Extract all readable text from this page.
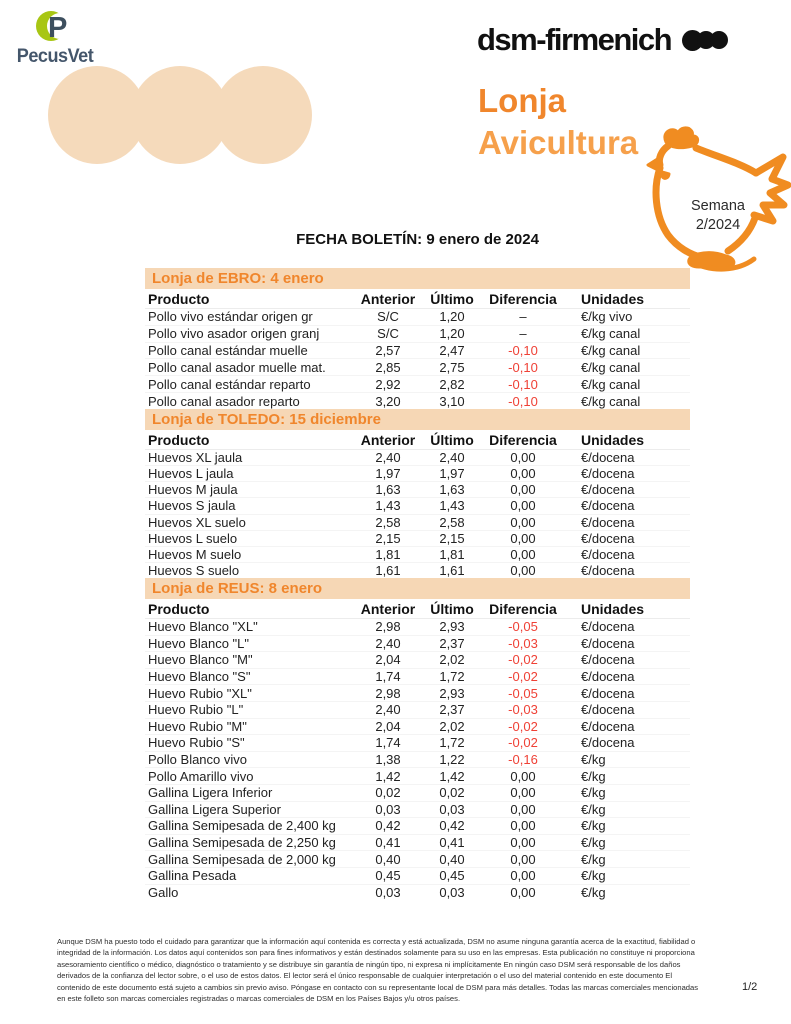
P
PecusVet	dsm-firmenich
Lonja
Avicultura
Semana
2/2024
FECHA BOLETÍN: 9 enero de 2024
Lonja de EBRO: 4 enero
Producto	Anterior	Último	Diferencia	Unidades
Pollo vivo estándar origen gr	S/C	1,20	–	€/kg vivo
Pollo vivo asador origen granj	S/C	1,20	–	€/kg canal
Pollo canal estándar muelle	2,57	2,47	-0,10	€/kg canal
Pollo canal asador muelle mat.	2,85	2,75	-0,10	€/kg canal
Pollo canal estándar reparto	2,92	2,82	-0,10	€/kg canal
Pollo canal asador reparto	3,20	3,10	-0,10	€/kg canal
Lonja de TOLEDO: 15 diciembre
Producto	Anterior	Último	Diferencia	Unidades
Huevos XL jaula	2,40	2,40	0,00	€/docena
Huevos L jaula	1,97	1,97	0,00	€/docena
Huevos M jaula	1,63	1,63	0,00	€/docena
Huevos S jaula	1,43	1,43	0,00	€/docena
Huevos XL suelo	2,58	2,58	0,00	€/docena
Huevos L suelo	2,15	2,15	0,00	€/docena
Huevos M suelo	1,81	1,81	0,00	€/docena
Huevos S suelo	1,61	1,61	0,00	€/docena
Lonja de REUS: 8 enero
Producto	Anterior	Último	Diferencia	Unidades
Huevo Blanco "XL"	2,98	2,93	-0,05	€/docena
Huevo Blanco "L"	2,40	2,37	-0,03	€/docena
Huevo Blanco "M"	2,04	2,02	-0,02	€/docena
Huevo Blanco "S"	1,74	1,72	-0,02	€/docena
Huevo Rubio "XL"	2,98	2,93	-0,05	€/docena
Huevo Rubio "L"	2,40	2,37	-0,03	€/docena
Huevo Rubio "M"	2,04	2,02	-0,02	€/docena
Huevo Rubio "S"	1,74	1,72	-0,02	€/docena
Pollo Blanco vivo	1,38	1,22	-0,16	€/kg
Pollo Amarillo vivo	1,42	1,42	0,00	€/kg
Gallina Ligera Inferior	0,02	0,02	0,00	€/kg
Gallina Ligera Superior	0,03	0,03	0,00	€/kg
Gallina Semipesada de 2,400 kg	0,42	0,42	0,00	€/kg
Gallina Semipesada de 2,250 kg	0,41	0,41	0,00	€/kg
Gallina Semipesada de 2,000 kg	0,40	0,40	0,00	€/kg
Gallina Pesada	0,45	0,45	0,00	€/kg
Gallo	0,03	0,03	0,00	€/kg
Aunque DSM ha puesto todo el cuidado para garantizar que la información aquí contenida es correcta y está actualizada, DSM no asume ninguna garantía acerca de la exactitud, fiabilidad o integridad de la información. Los datos aquí contenidos son para fines informativos y están destinados solamente para su uso en las empresas. Esta publicación no constituye ni proporciona asesoramiento científico o médico, diagnóstico o tratamiento y se distribuye sin garantía de ningún tipo, ni expresa ni implícitamente En ningún caso DSM será responsable de los daños derivados de la confianza del lector sobre, o el uso de estos datos. El lector será el único responsable de cualquier interpretación o el uso del material contenido en este documento El contenido de este documento está sujeto a cambios sin previo aviso. Póngase en contacto con su representante local de DSM para más detalles. Todas las marcas comerciales mencionadas en este folleto son marcas comerciales registradas o marcas comerciales de DSM en los Países Bajos y/u otros países.
1/2
